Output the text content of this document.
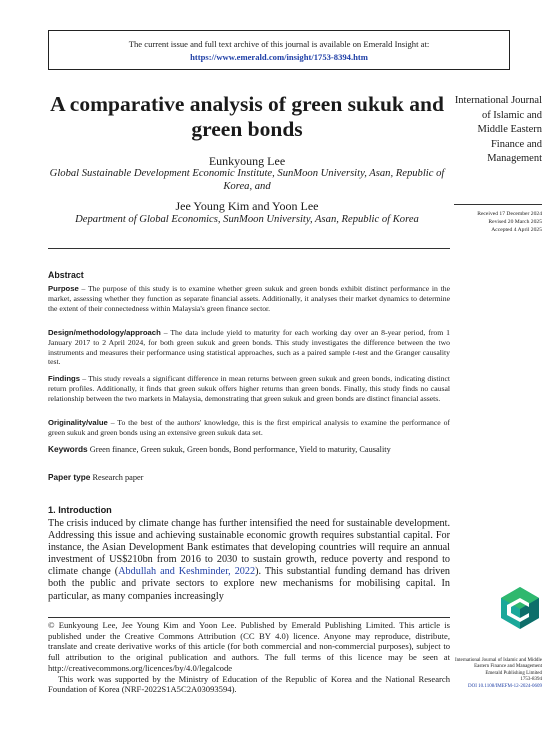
The current issue and full text archive of this journal is available on Emerald Insight at:
https://www.emerald.com/insight/1753-8394.htm
A comparative analysis of green sukuk and green bonds
Eunkyoung Lee
Global Sustainable Development Economic Institute, SunMoon University, Asan, Republic of Korea, and
Jee Young Kim and Yoon Lee
Department of Global Economics, SunMoon University, Asan, Republic of Korea
International Journal of Islamic and Middle Eastern Finance and Management
Received 17 December 2024
Revised 20 March 2025
Accepted 4 April 2025
Abstract
Purpose – The purpose of this study is to examine whether green sukuk and green bonds exhibit distinct performance in the market, assessing whether they function as separate financial assets. Additionally, it analyses their market dynamics to determine the extent of their connectedness within Malaysia's green finance sector.
Design/methodology/approach – The data include yield to maturity for each working day over an 8-year period, from 1 January 2017 to 2 April 2024, for both green sukuk and green bonds. This study investigates the difference between the two instruments and measures their performance using statistical approaches, such as a paired sample t-test and the Granger causality test.
Findings – This study reveals a significant difference in mean returns between green sukuk and green bonds, indicating distinct return profiles. Additionally, it finds that green sukuk offers higher returns than green bonds. Finally, this study finds no causal relationship between the two markets in Malaysia, demonstrating that green sukuk and green bonds are distinct financial assets.
Originality/value – To the best of the authors' knowledge, this is the first empirical analysis to examine the performance of green sukuk and green bonds using an extensive green sukuk data set.
Keywords Green finance, Green sukuk, Green bonds, Bond performance, Yield to maturity, Causality
Paper type Research paper
1. Introduction
The crisis induced by climate change has further intensified the need for sustainable development. Addressing this issue and achieving sustainable economic growth requires substantial capital. For instance, the Asian Development Bank estimates that developing countries will require an annual investment of US$210bn from 2016 to 2030 to sustain growth, reduce poverty and respond to climate change (Abdullah and Keshminder, 2022). This substantial funding demand has driven both the public and private sectors to explore new mechanisms for mobilising capital. In particular, as many companies increasingly
© Eunkyoung Lee, Jee Young Kim and Yoon Lee. Published by Emerald Publishing Limited. This article is published under the Creative Commons Attribution (CC BY 4.0) licence. Anyone may reproduce, distribute, translate and create derivative works of this article (for both commercial and non-commercial purposes), subject to full attribution to the original publication and authors. The full terms of this licence may be seen at http://creativecommons.org/licences/by/4.0/legalcode
This work was supported by the Ministry of Education of the Republic of Korea and the National Research Foundation of Korea (NRF-2022S1A5C2A03093594).
International Journal of Islamic and Middle Eastern Finance and Management
Emerald Publishing Limited
1753-8394
DOI 10.1108/IMEFM-12-2024-0609
